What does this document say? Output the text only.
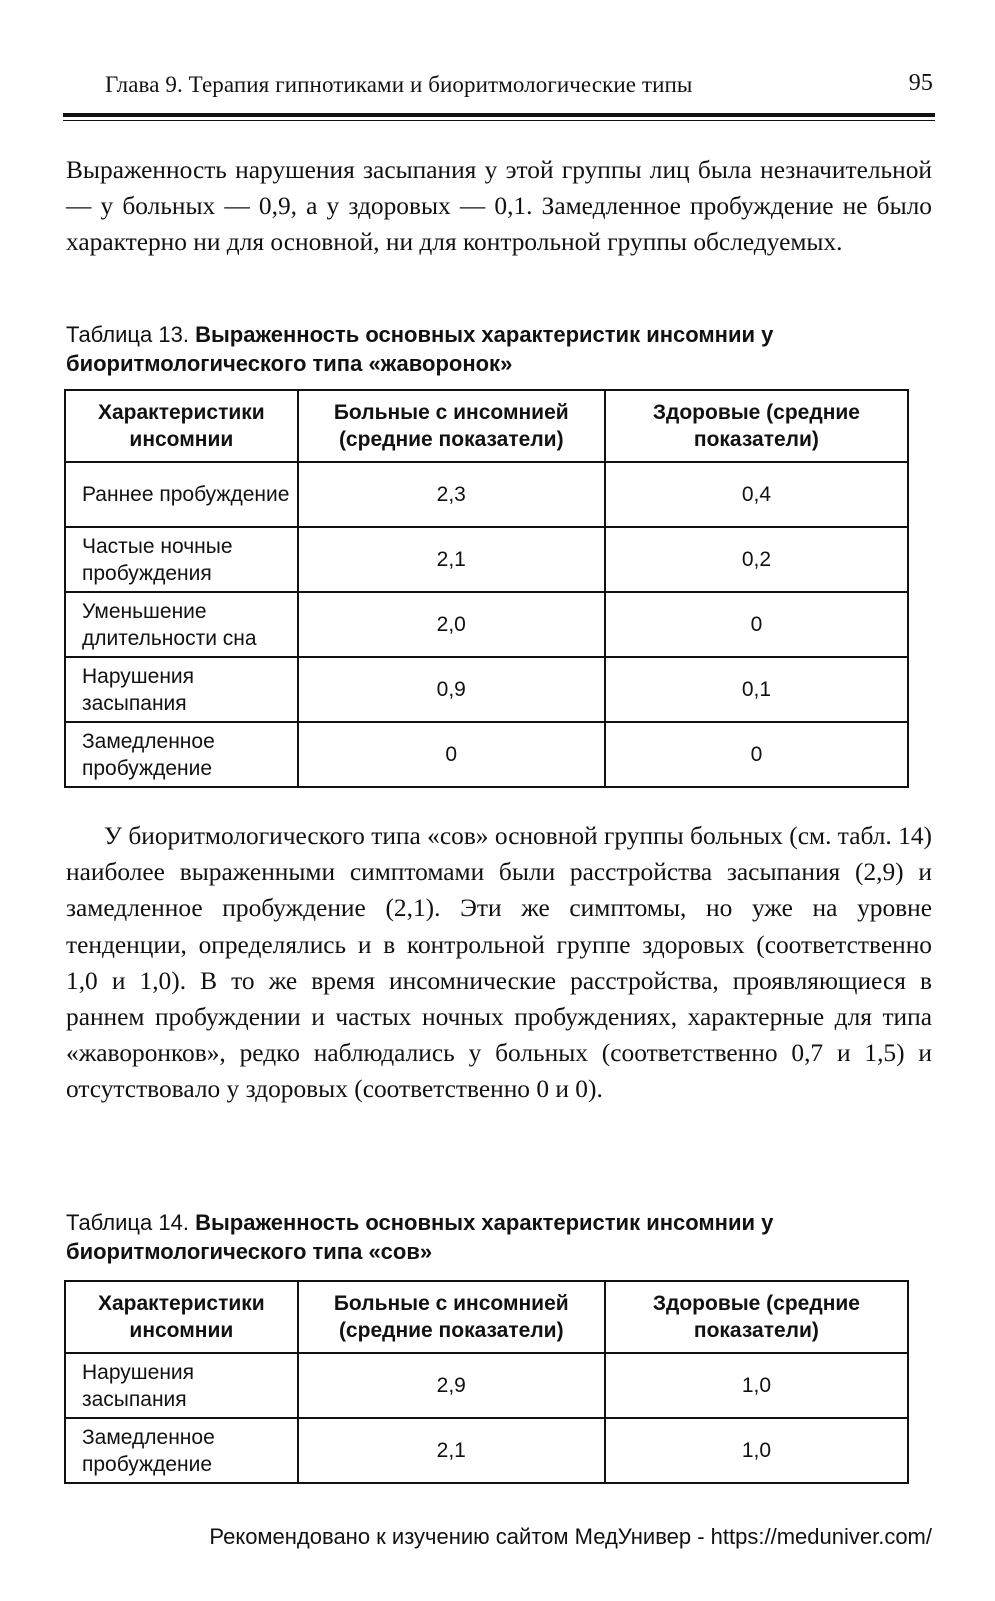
Глава 9. Терапия гипнотиками и биоритмологические типы	95

Выраженность нарушения засыпания у этой группы лиц была незначительной — у больных — 0,9, а у здоровых — 0,1. Замедленное пробуждение не было характерно ни для основной, ни для контрольной группы обследуемых.

Таблица 13. Выраженность основных характеристик инсомнии у биоритмологического типа «жаворонок»

Характеристики инсомнии	Больные с инсомнией (средние показатели)	Здоровые (средние показатели)
Раннее пробуждение	2,3	0,4
Частые ночные пробуждения	2,1	0,2
Уменьшение длительности сна	2,0	0
Нарушения засыпания	0,9	0,1
Замедленное пробуждение	0	0

У биоритмологического типа «сов» основной группы больных (см. табл. 14) наиболее выраженными симптомами были расстройства засыпания (2,9) и замедленное пробуждение (2,1). Эти же симптомы, но уже на уровне тенденции, определялись и в контрольной группе здоровых (соответственно 1,0 и 1,0). В то же время инсомнические расстройства, проявляющиеся в раннем пробуждении и частых ночных пробуждениях, характерные для типа «жаворонков», редко наблюдались у больных (соответственно 0,7 и 1,5) и отсутствовало у здоровых (соответственно 0 и 0).

Таблица 14. Выраженность основных характеристик инсомнии у биоритмологического типа «сов»

Характеристики инсомнии	Больные с инсомнией (средние показатели)	Здоровые (средние показатели)
Нарушения засыпания	2,9	1,0
Замедленное пробуждение	2,1	1,0
Рекомендовано к изучению сайтом МедУнивер - https://meduniver.com/
